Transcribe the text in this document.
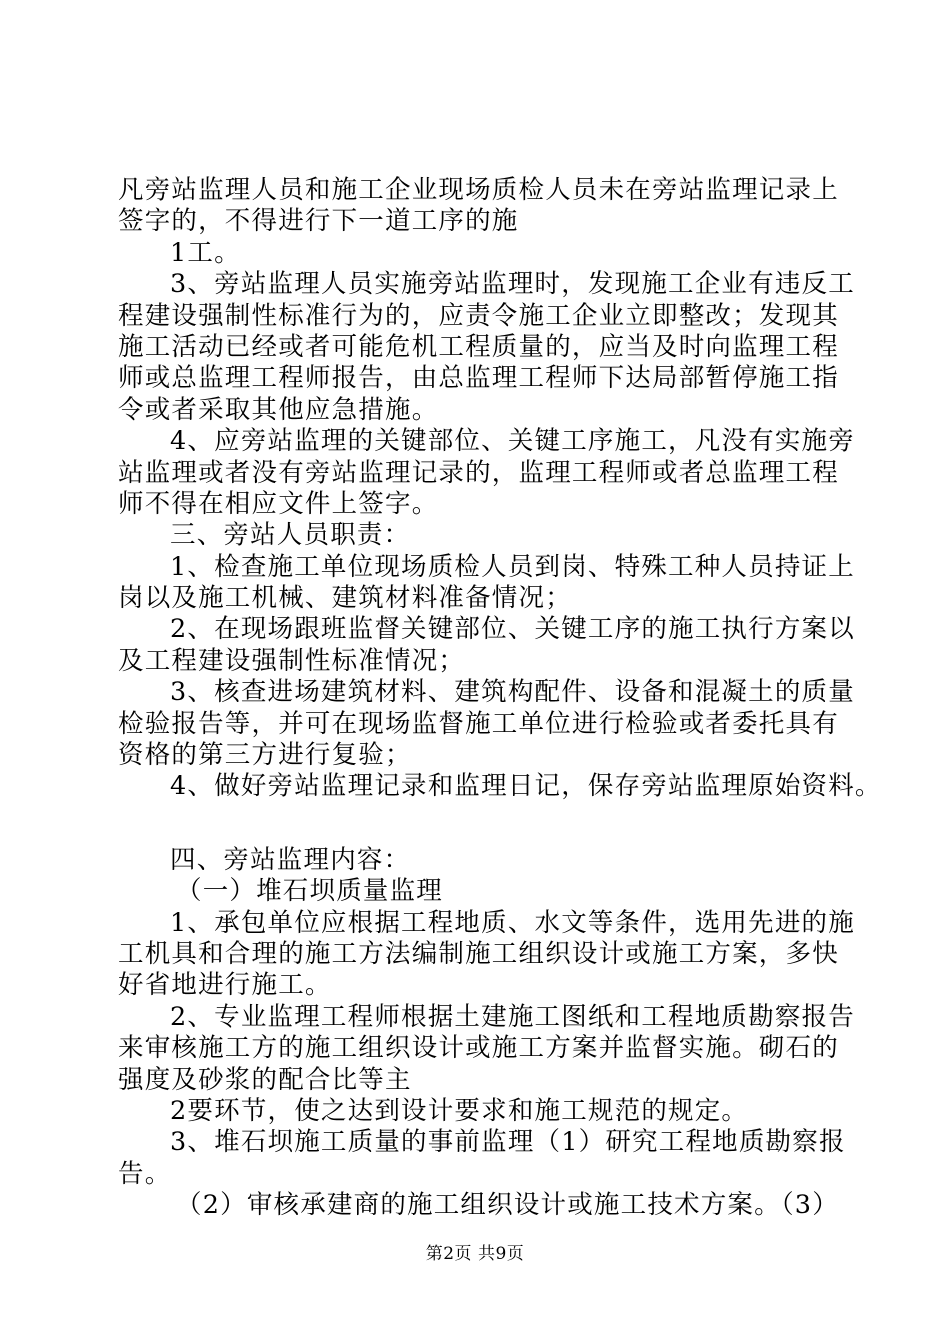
凡旁站监理人员和施工企业现场质检人员未在旁站监理记录上
签字的，不得进行下一道工序的施
1工。
3、旁站监理人员实施旁站监理时，发现施工企业有违反工
程建设强制性标准行为的，应责令施工企业立即整改；发现其
施工活动已经或者可能危机工程质量的，应当及时向监理工程
师或总监理工程师报告，由总监理工程师下达局部暂停施工指
令或者采取其他应急措施。
4、应旁站监理的关键部位、关键工序施工，凡没有实施旁
站监理或者没有旁站监理记录的，监理工程师或者总监理工程
师不得在相应文件上签字。
三、旁站人员职责：
1、检查施工单位现场质检人员到岗、特殊工种人员持证上
岗以及施工机械、建筑材料准备情况；
2、在现场跟班监督关键部位、关键工序的施工执行方案以
及工程建设强制性标准情况；
3、核查进场建筑材料、建筑构配件、设备和混凝土的质量
检验报告等，并可在现场监督施工单位进行检验或者委托具有
资格的第三方进行复验；
4、做好旁站监理记录和监理日记，保存旁站监理原始资料。
四、旁站监理内容：
（一）堆石坝质量监理
1、承包单位应根据工程地质、水文等条件，选用先进的施
工机具和合理的施工方法编制施工组织设计或施工方案，多快
好省地进行施工。
2、专业监理工程师根据土建施工图纸和工程地质勘察报告
来审核施工方的施工组织设计或施工方案并监督实施。砌石的
强度及砂浆的配合比等主
2要环节，使之达到设计要求和施工规范的规定。
3、堆石坝施工质量的事前监理（1）研究工程地质勘察报
告。
（2）审核承建商的施工组织设计或施工技术方案。（3）
第2页 共9页
